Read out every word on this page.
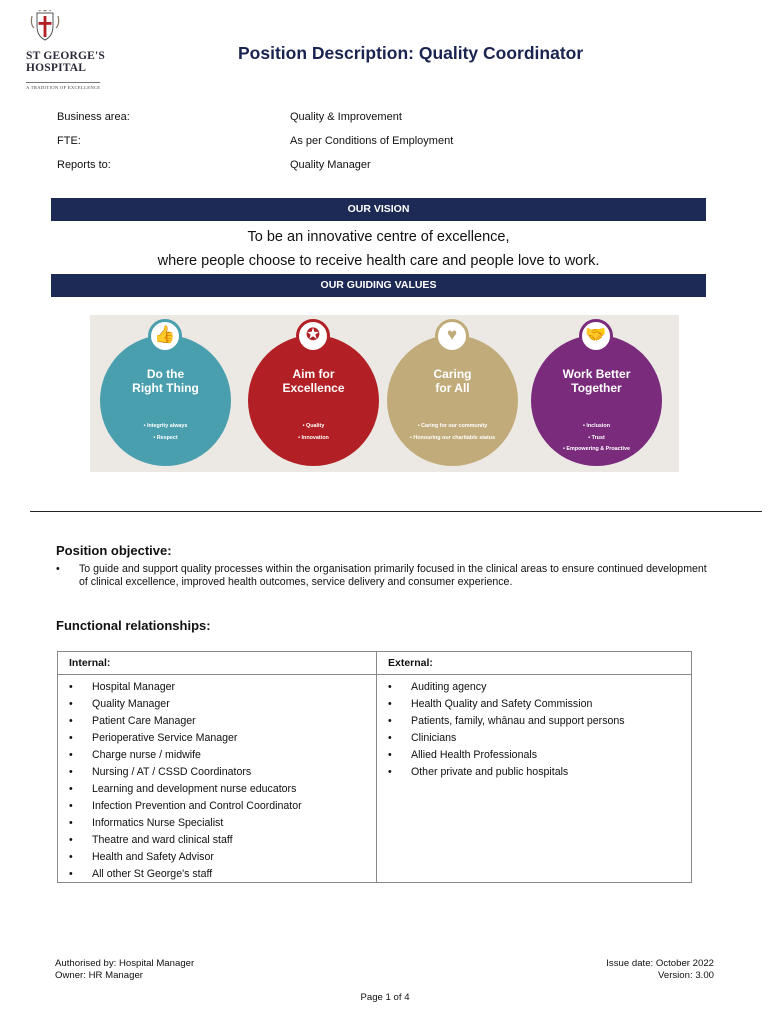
ST GEORGE'S
HOSPITAL
A TRADITION OF EXCELLENCE
Position Description: Quality Coordinator
Business area:	Quality & Improvement
FTE:	As per Conditions of Employment
Reports to:	Quality Manager
OUR VISION
To be an innovative centre of excellence,
where people choose to receive health care and people love to work.
OUR GUIDING VALUES
Do the
Right Thing
• Integrity always
• Respect
👍
Aim for
Excellence
• Quality
• Innovation
✪
Caring
for All
• Caring for our community
• Honouring our charitable status
♥
Work Better
Together
• Inclusion
• Trust
• Empowering & Proactive
🤝
Position objective:
• To guide and support quality processes within the organisation primarily focused in the clinical areas to ensure continued development of clinical excellence, improved health outcomes, service delivery and consumer experience.
Functional relationships:
Internal:
• Hospital Manager
• Quality Manager
• Patient Care Manager
• Perioperative Service Manager
• Charge nurse / midwife
• Nursing / AT / CSSD Coordinators
• Learning and development nurse educators
• Infection Prevention and Control Coordinator
• Informatics Nurse Specialist
• Theatre and ward clinical staff
• Health and Safety Advisor
• All other St George's staff
External:
• Auditing agency
• Health Quality and Safety Commission
• Patients, family, whānau and support persons
• Clinicians
• Allied Health Professionals
• Other private and public hospitals
Authorised by: Hospital Manager
Owner: HR Manager
Issue date: October 2022
Version: 3.00
Page 1 of 4
